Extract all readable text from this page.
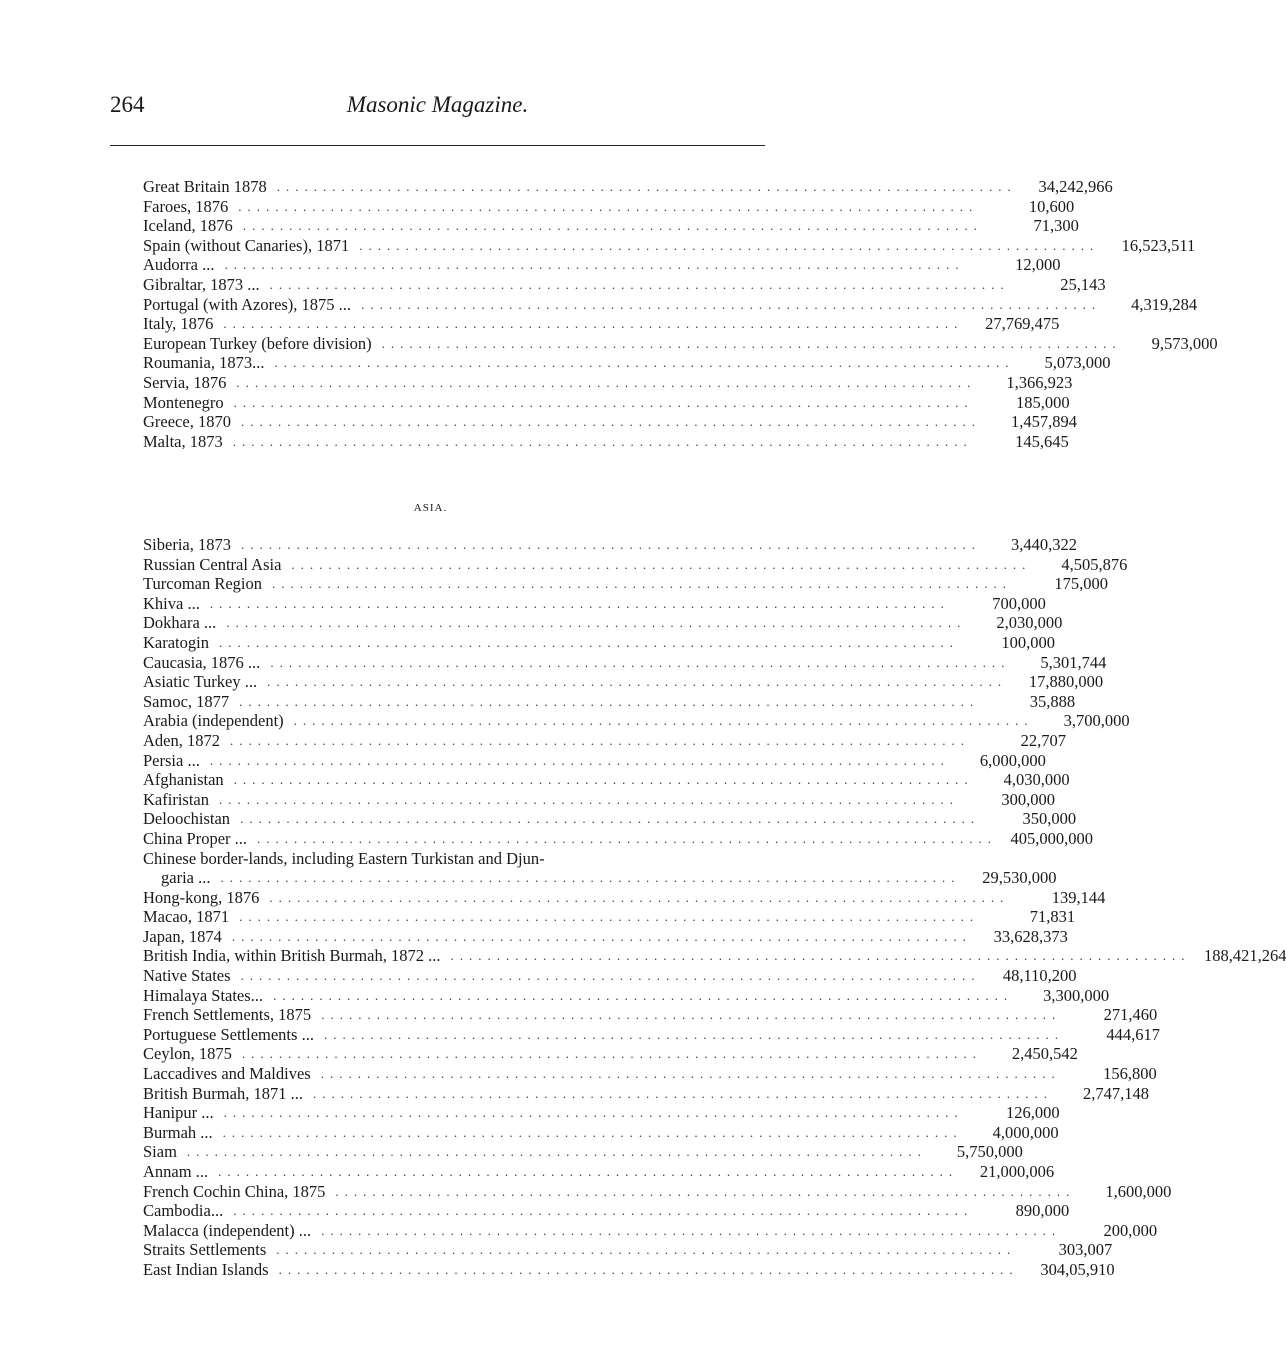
264	Masonic Magazine.
Great Britain 1878 ................................................................................	34,242,966
Faroes, 1876 ................................................................................	10,600
Iceland, 1876 ................................................................................	71,300
Spain (without Canaries), 1871 ................................................................................	16,523,511
Audorra ... ................................................................................	12,000
Gibraltar, 1873 ... ................................................................................	25,143
Portugal (with Azores), 1875 ... ................................................................................	4,319,284
Italy, 1876 ................................................................................	27,769,475
European Turkey (before division) ................................................................................	9,573,000
Roumania, 1873... ................................................................................	5,073,000
Servia, 1876 ................................................................................	1,366,923
Montenegro ................................................................................	185,000
Greece, 1870 ................................................................................	1,457,894
Malta, 1873 ................................................................................	145,645
ASIA.
Siberia, 1873 ................................................................................	3,440,322
Russian Central Asia ................................................................................	4,505,876
Turcoman Region ................................................................................	175,000
Khiva ... ................................................................................	700,000
Dokhara ... ................................................................................	2,030,000
Karatogin ................................................................................	100,000
Caucasia, 1876 ... ................................................................................	5,301,744
Asiatic Turkey ... ................................................................................	17,880,000
Samoc, 1877 ................................................................................	35,888
Arabia (independent) ................................................................................	3,700,000
Aden, 1872 ................................................................................	22,707
Persia ... ................................................................................	6,000,000
Afghanistan ................................................................................	4,030,000
Kafiristan ................................................................................	300,000
Deloochistan ................................................................................	350,000
China Proper ... ................................................................................ 405,000,000
Chinese border-lands, including Eastern Turkistan and Djun-
garia ... ................................................................................	29,530,000
Hong-kong, 1876 ................................................................................	139,144
Macao, 1871 ................................................................................	71,831
Japan, 1874 ................................................................................	33,628,373
British India, within British Burmah, 1872 ... ................................................................................ 188,421,264
Native States ................................................................................	48,110,200
Himalaya States... ................................................................................	3,300,000
French Settlements, 1875 ................................................................................	271,460
Portuguese Settlements ... ................................................................................	444,617
Ceylon, 1875 ................................................................................	2,450,542
Laccadives and Maldives ................................................................................	156,800
British Burmah, 1871 ... ................................................................................	2,747,148
Hanipur ... ................................................................................	126,000
Burmah ... ................................................................................	4,000,000
Siam ................................................................................	5,750,000
Annam ... ................................................................................	21,000,006
French Cochin China, 1875 ................................................................................	1,600,000
Cambodia... ................................................................................	890,000
Malacca (independent) ... ................................................................................	200,000
Straits Settlements ................................................................................	303,007
East Indian Islands ................................................................................	304,05,910
